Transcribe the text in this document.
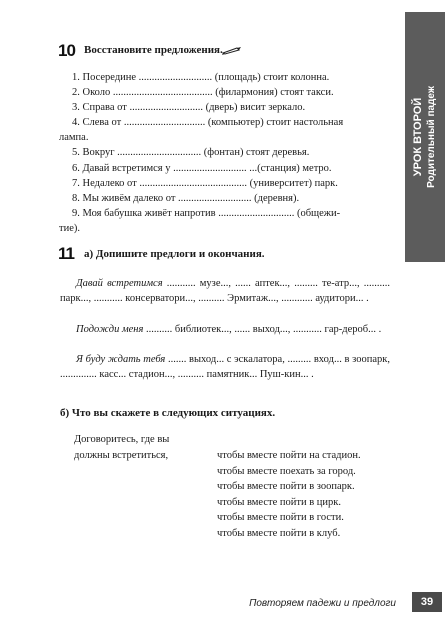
УРОК ВТОРОЙ Родительный падеж
10 Восстановите предложения.
1. Посередине ............................ (площадь) стоит колонна.
2. Около ...................................... (филармония) стоят такси.
3. Справа от ............................ (дверь) висит зеркало.
4. Слева от ............................... (компьютер) стоит настольная
лампа.
5. Вокруг ................................ (фонтан) стоят деревья.
6. Давай встретимся у ............................ ...(станция) метро.
7. Недалеко от ......................................... (университет) парк.
8. Мы живём далеко от ............................ (деревня).
9. Моя бабушка живёт напротив ............................. (общежи-
тие).
11 а) Допишите предлоги и окончания.

Давай встретимся ........... музе..., ...... аптек..., ......... те-атр..., .......... парк..., ........... консерватори..., .......... Эрмитаж..., ............ аудитори... .

Подожди меня .......... библиотек..., ...... выход..., ........... гар-дероб... .

Я буду ждать тебя ....... выход... с эскалатора, ......... вход... в зоопарк, .............. касс... стадион..., .......... памятник... Пуш-кин... .

б) Что вы скажете в следующих ситуациях.
Договоритесь, где вы
должны встретиться,	чтобы вместе пойти на стадион.
чтобы вместе поехать за город.
чтобы вместе пойти в зоопарк.
чтобы вместе пойти в цирк.
чтобы вместе пойти в гости.
чтобы вместе пойти в клуб.
Повторяем падежи и предлоги	39
